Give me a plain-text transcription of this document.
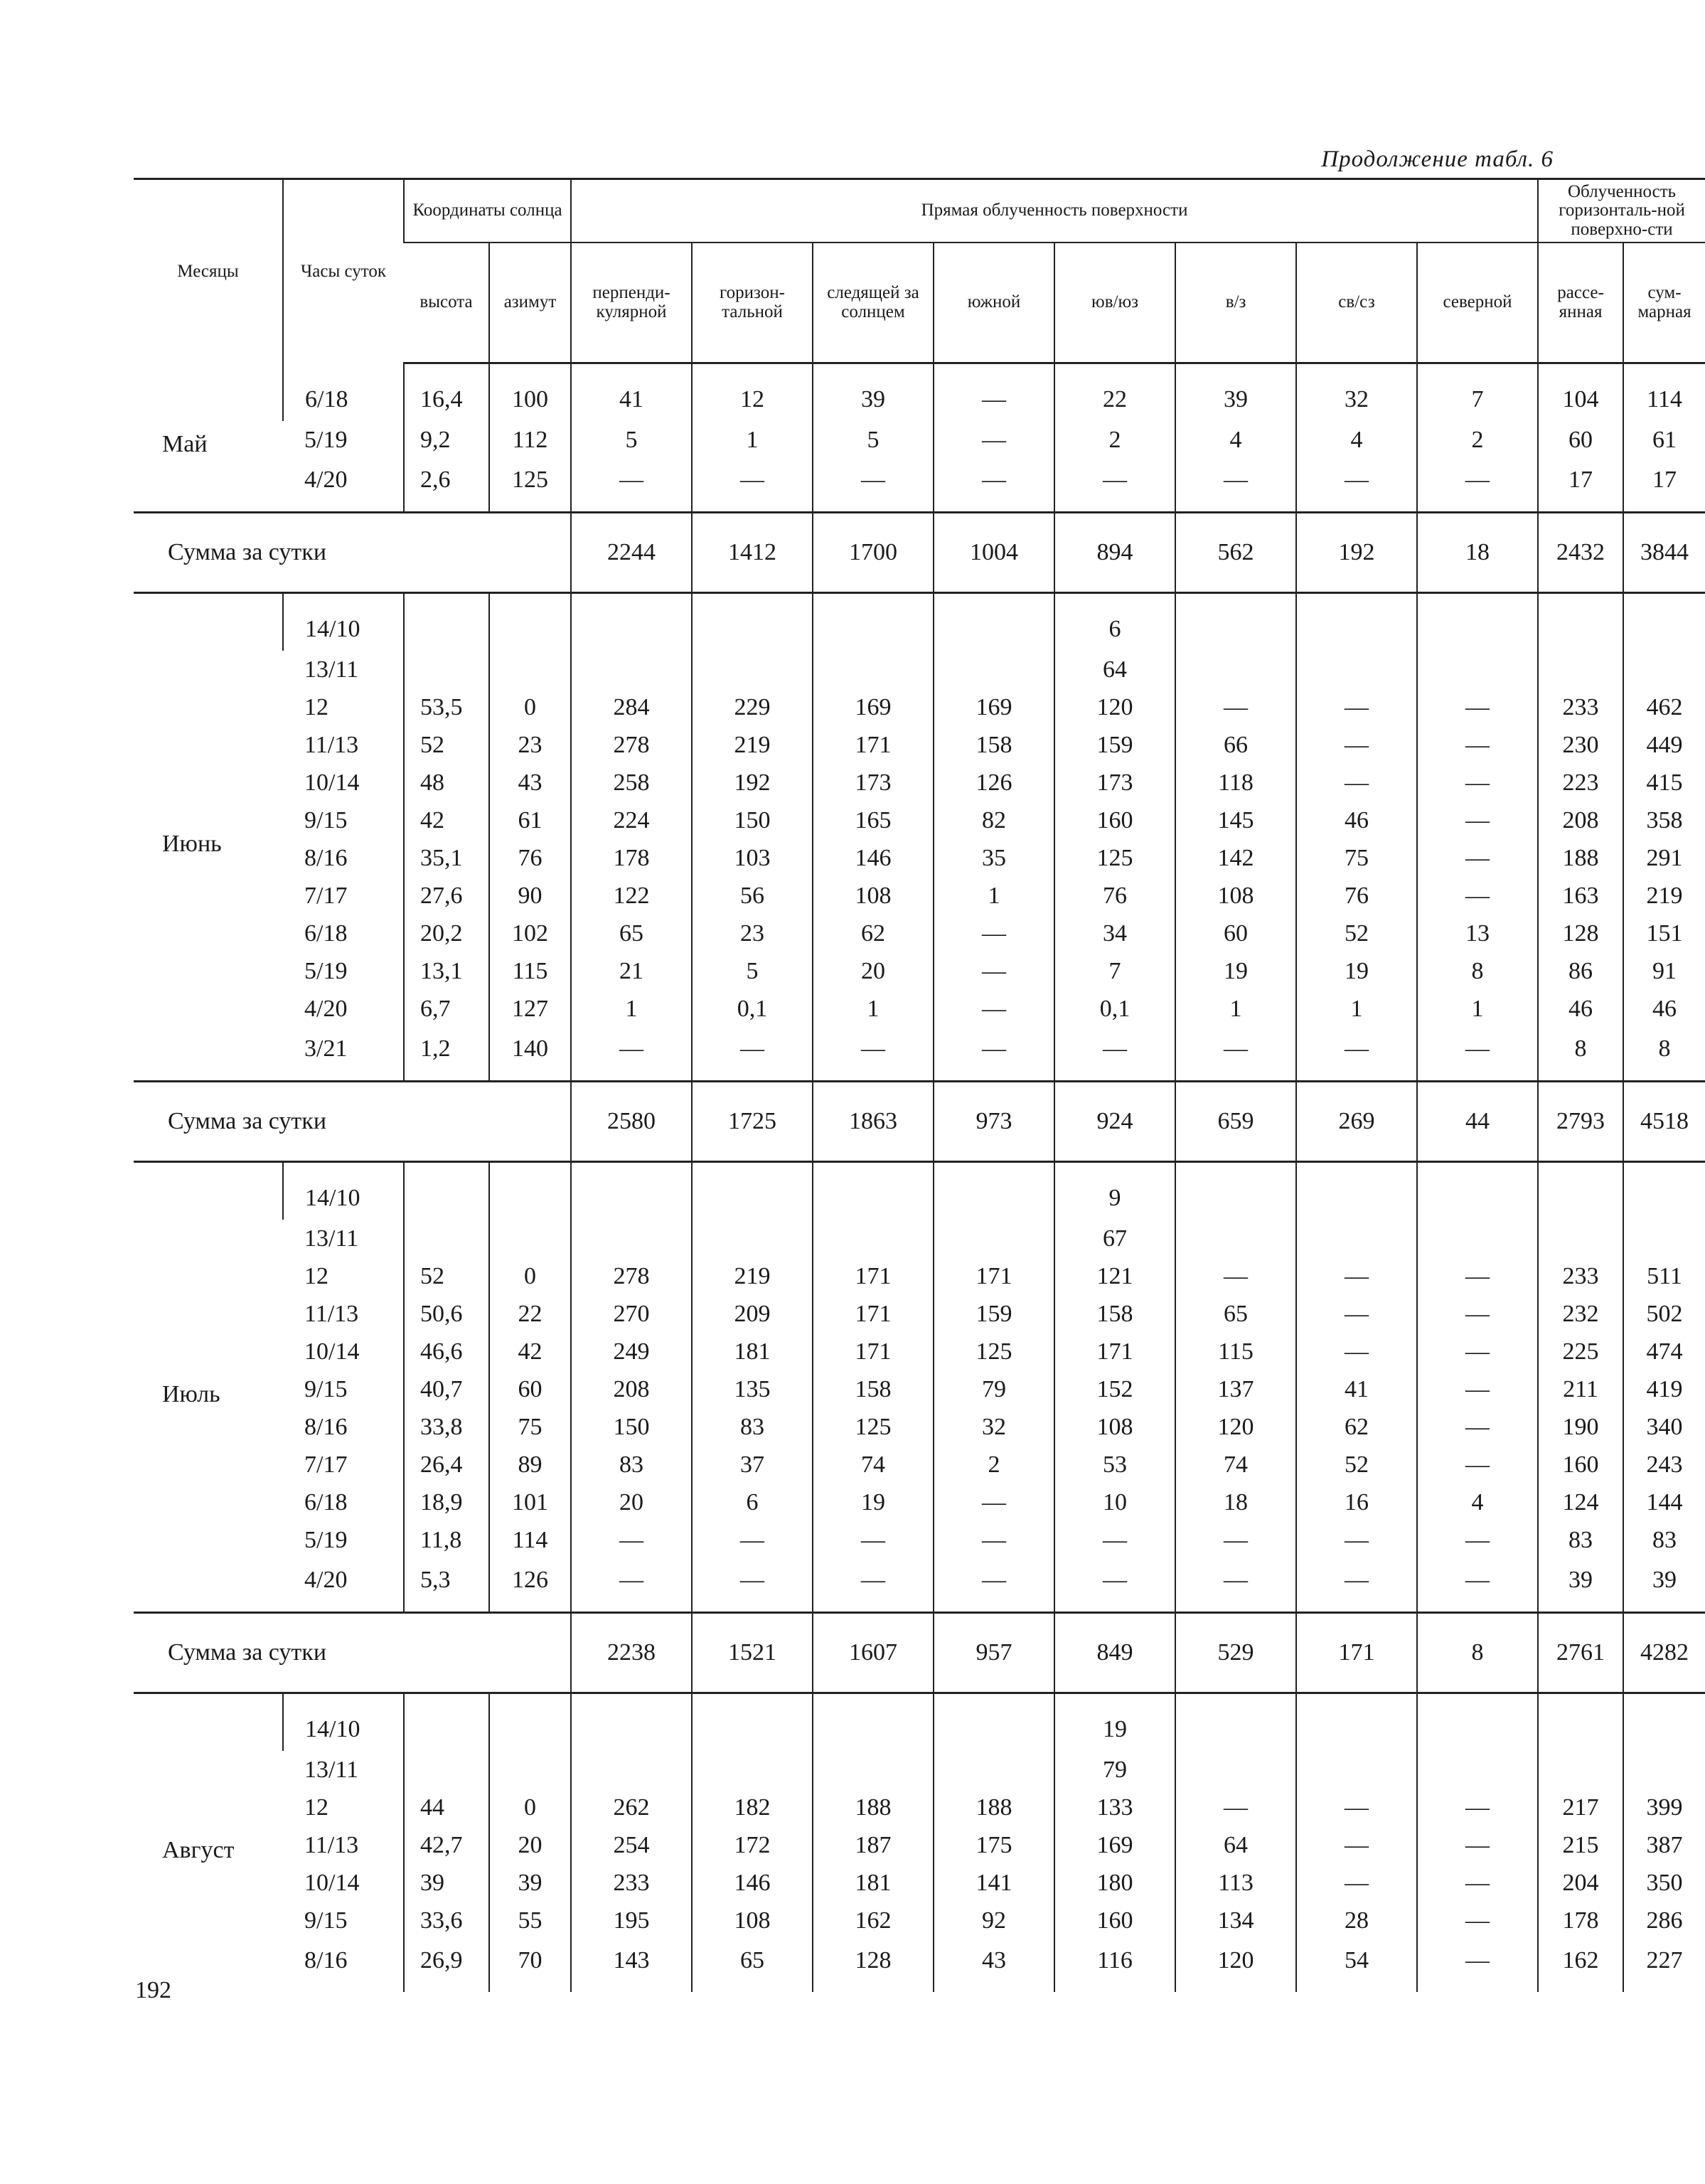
Продолжение табл. 6
Месяцы	Часы суток	Координаты солнца		Прямая облученность поверхности								Облученность горизонталь-ной поверхно-сти	
		высота	азимут	перпенди-кулярной	горизон-тальной	следящей за солнцем	южной	юв/юз	в/з	св/сз	северной	рассе-янная	сум-марная
Май	6/18	16,4	100	41	12	39	—	22	39	32	7	104	114
	5/19	9,2	112	5	1	5	—	2	4	4	2	60	61
	4/20	2,6	125	—	—	—	—	—	—	—	—	17	17
Сумма за сутки				2244	1412	1700	1004	894	562	192	18	2432	3844
Июнь	14/10							6					
	13/11							64					
	12	53,5	0	284	229	169	169	120	—	—	—	233	462
	11/13	52	23	278	219	171	158	159	66	—	—	230	449
	10/14	48	43	258	192	173	126	173	118	—	—	223	415
	9/15	42	61	224	150	165	82	160	145	46	—	208	358
	8/16	35,1	76	178	103	146	35	125	142	75	—	188	291
	7/17	27,6	90	122	56	108	1	76	108	76	—	163	219
	6/18	20,2	102	65	23	62	—	34	60	52	13	128	151
	5/19	13,1	115	21	5	20	—	7	19	19	8	86	91
	4/20	6,7	127	1	0,1	1	—	0,1	1	1	1	46	46
	3/21	1,2	140	—	—	—	—	—	—	—	—	8	8
Сумма за сутки				2580	1725	1863	973	924	659	269	44	2793	4518
Июль	14/10							9					
	13/11							67					
	12	52	0	278	219	171	171	121	—	—	—	233	511
	11/13	50,6	22	270	209	171	159	158	65	—	—	232	502
	10/14	46,6	42	249	181	171	125	171	115	—	—	225	474
	9/15	40,7	60	208	135	158	79	152	137	41	—	211	419
	8/16	33,8	75	150	83	125	32	108	120	62	—	190	340
	7/17	26,4	89	83	37	74	2	53	74	52	—	160	243
	6/18	18,9	101	20	6	19	—	10	18	16	4	124	144
	5/19	11,8	114	—	—	—	—	—	—	—	—	83	83
	4/20	5,3	126	—	—	—	—	—	—	—	—	39	39
Сумма за сутки				2238	1521	1607	957	849	529	171	8	2761	4282
Август	14/10							19					
	13/11							79					
	12	44	0	262	182	188	188	133	—	—	—	217	399
	11/13	42,7	20	254	172	187	175	169	64	—	—	215	387
	10/14	39	39	233	146	181	141	180	113	—	—	204	350
	9/15	33,6	55	195	108	162	92	160	134	28	—	178	286
	8/16	26,9	70	143	65	128	43	116	120	54	—	162	227
192
